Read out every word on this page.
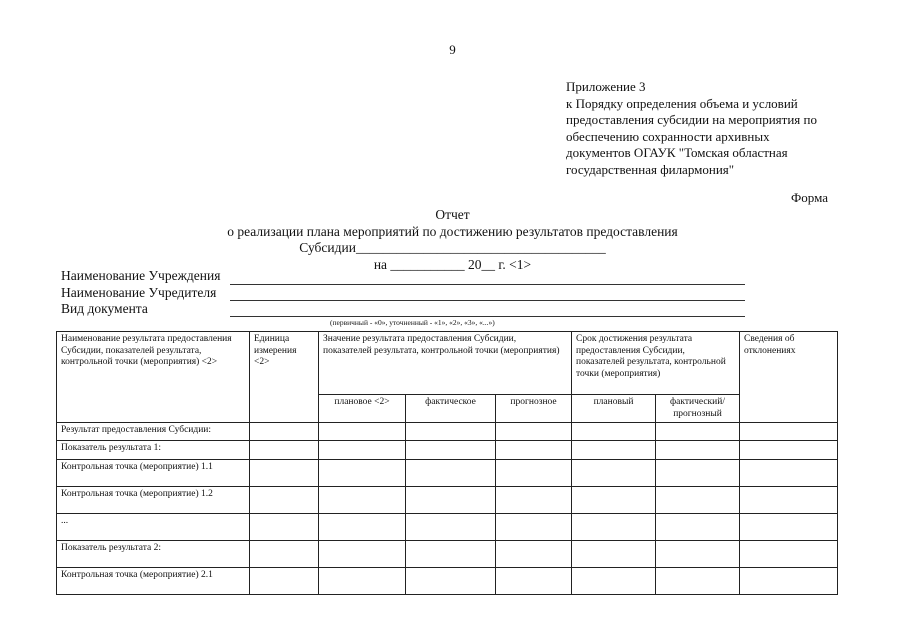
9
Приложение 3
к Порядку определения объема и условий
предоставления субсидии на мероприятия по
обеспечению сохранности архивных
документов ОГАУК "Томская областная
государственная филармония"
Форма
Отчет
о реализации плана мероприятий по достижению результатов предоставления
Субсидии_____________________________________
на ___________ 20__ г. <1>
Наименование Учреждения
Наименование Учредителя
Вид документа
(первичный - «0», уточненный - «1», «2», «3», «...»)
Наименование результата предоставления Субсидии, показателей результата, контрольной точки (мероприятия) <2>	Единица измерения <2>	Значение результата предоставления Субсидии, показателей результата, контрольной точки (мероприятия)			Срок достижения результата предоставления Субсидии, показателей результата, контрольной точки (мероприятия)		Сведения об отклонениях
		плановое <2>	фактическое	прогнозное	плановый	фактический/ прогнозный	
Результат предоставления Субсидии:							
Показатель результата 1:							
Контрольная точка (мероприятие) 1.1							
Контрольная точка (мероприятие) 1.2							
...							
Показатель результата 2:							
Контрольная точка (мероприятие) 2.1							
